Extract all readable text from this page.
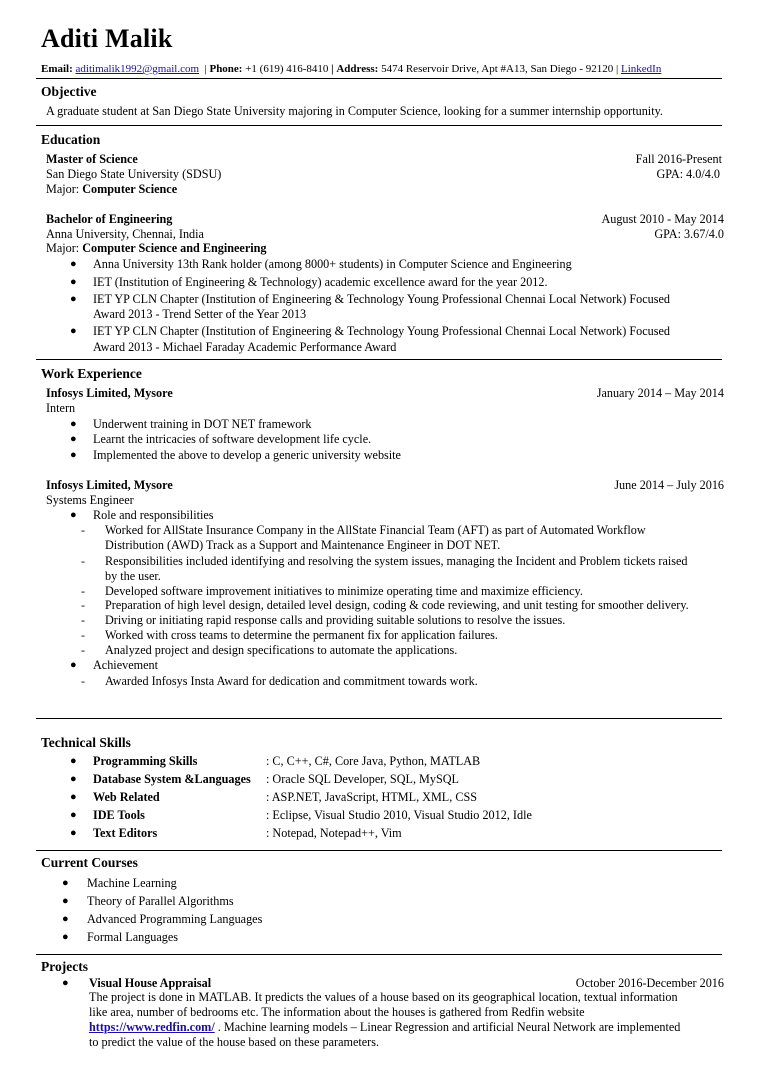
Aditi Malik
Email: aditimalik1992@gmail.com | Phone: +1 (619) 416-8410 | Address: 5474 Reservoir Drive, Apt #A13, San Diego - 92120 | LinkedIn
Objective
A graduate student at San Diego State University majoring in Computer Science, looking for a summer internship opportunity.
Education
Master of Science	Fall 2016-Present
San Diego State University (SDSU)	GPA: 4.0/4.0
Major: Computer Science
Bachelor of Engineering	August 2010 - May 2014
Anna University, Chennai, India	GPA: 3.67/4.0
Major: Computer Science and Engineering
● Anna University 13th Rank holder (among 8000+ students) in Computer Science and Engineering
● IET (Institution of Engineering & Technology) academic excellence award for the year 2012.
● IET YP CLN Chapter (Institution of Engineering & Technology Young Professional Chennai Local Network) Focused
Award 2013 - Trend Setter of the Year 2013
● IET YP CLN Chapter (Institution of Engineering & Technology Young Professional Chennai Local Network) Focused
Award 2013 - Michael Faraday Academic Performance Award
Work Experience
Infosys Limited, Mysore	January 2014 – May 2014
Intern
● Underwent training in DOT NET framework
● Learnt the intricacies of software development life cycle.
● Implemented the above to develop a generic university website
Infosys Limited, Mysore	June 2014 – July 2016
Systems Engineer
● Role and responsibilities
- Worked for AllState Insurance Company in the AllState Financial Team (AFT) as part of Automated Workflow
Distribution (AWD) Track as a Support and Maintenance Engineer in DOT NET.
- Responsibilities included identifying and resolving the system issues, managing the Incident and Problem tickets raised
by the user.
- Developed software improvement initiatives to minimize operating time and maximize efficiency.
- Preparation of high level design, detailed level design, coding & code reviewing, and unit testing for smoother delivery.
- Driving or initiating rapid response calls and providing suitable solutions to resolve the issues.
- Worked with cross teams to determine the permanent fix for application failures.
- Analyzed project and design specifications to automate the applications.
● Achievement
- Awarded Infosys Insta Award for dedication and commitment towards work.
Technical Skills
● Programming Skills	: C, C++, C#, Core Java, Python, MATLAB
● Database System &Languages : Oracle SQL Developer, SQL, MySQL
● Web Related	: ASP.NET, JavaScript, HTML, XML, CSS
● IDE Tools	: Eclipse, Visual Studio 2010, Visual Studio 2012, Idle
● Text Editors	: Notepad, Notepad++, Vim
Current Courses
● Machine Learning
● Theory of Parallel Algorithms
● Advanced Programming Languages
● Formal Languages
Projects
● Visual House Appraisal	October 2016-December 2016
The project is done in MATLAB. It predicts the values of a house based on its geographical location, textual information
like area, number of bedrooms etc. The information about the houses is gathered from Redfin website
https://www.redfin.com/ . Machine learning models – Linear Regression and artificial Neural Network are implemented
to predict the value of the house based on these parameters.
